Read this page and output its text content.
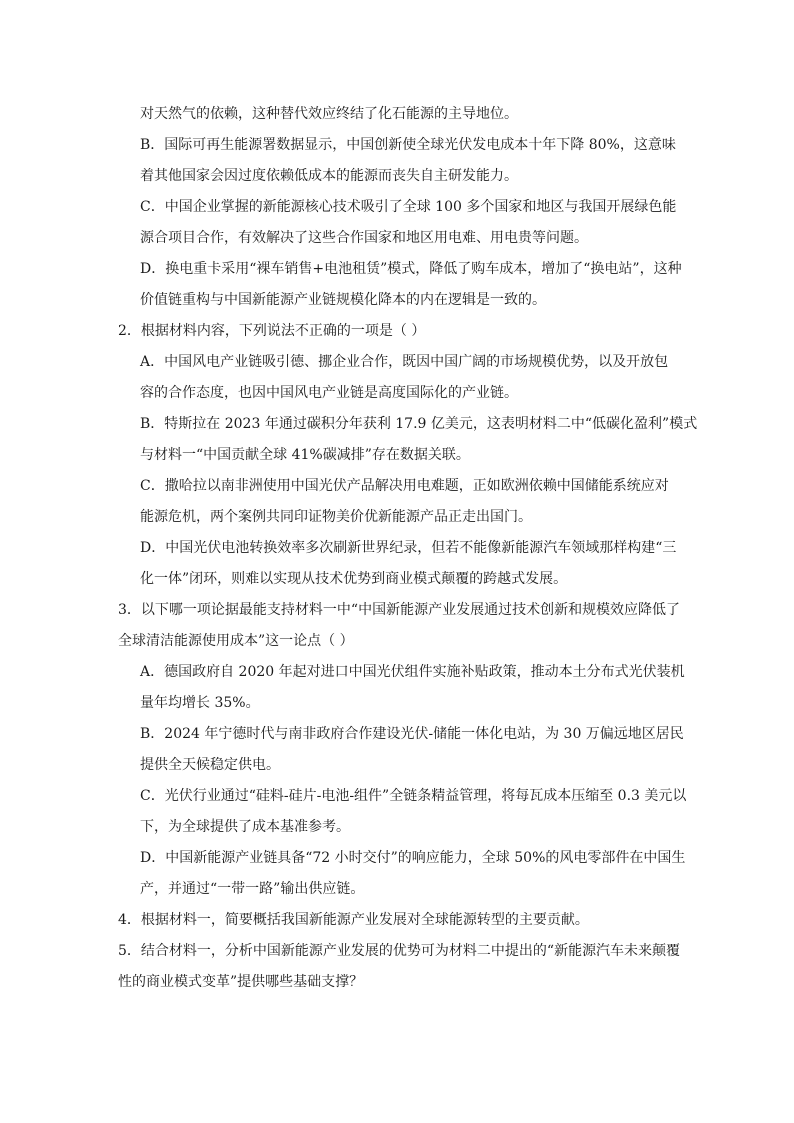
对天然气的依赖，这种替代效应终结了化石能源的主导地位。
B．国际可再生能源署数据显示，中国创新使全球光伏发电成本十年下降 80%，这意味
着其他国家会因过度依赖低成本的能源而丧失自主研发能力。
C．中国企业掌握的新能源核心技术吸引了全球 100 多个国家和地区与我国开展绿色能
源合项目合作，有效解决了这些合作国家和地区用电难、用电贵等问题。
D．换电重卡采用“裸车销售+电池租赁”模式，降低了购车成本，增加了“换电站”，这种
价值链重构与中国新能源产业链规模化降本的内在逻辑是一致的。
2．根据材料内容，下列说法不正确的一项是（ ）
A．中国风电产业链吸引德、挪企业合作，既因中国广阔的市场规模优势，以及开放包
容的合作态度，也因中国风电产业链是高度国际化的产业链。
B．特斯拉在 2023 年通过碳积分年获利 17.9 亿美元，这表明材料二中“低碳化盈利”模式
与材料一“中国贡献全球 41%碳减排”存在数据关联。
C．撒哈拉以南非洲使用中国光伏产品解决用电难题，正如欧洲依赖中国储能系统应对
能源危机，两个案例共同印证物美价优新能源产品正走出国门。
D．中国光伏电池转换效率多次刷新世界纪录，但若不能像新能源汽车领域那样构建“三
化一体”闭环，则难以实现从技术优势到商业模式颠覆的跨越式发展。
3．以下哪一项论据最能支持材料一中“中国新能源产业发展通过技术创新和规模效应降低了
全球清洁能源使用成本”这一论点（ ）
A．德国政府自 2020 年起对进口中国光伏组件实施补贴政策，推动本土分布式光伏装机
量年均增长 35%。
B．2024 年宁德时代与南非政府合作建设光伏-储能一体化电站，为 30 万偏远地区居民
提供全天候稳定供电。
C．光伏行业通过“硅料-硅片-电池-组件”全链条精益管理，将每瓦成本压缩至 0.3 美元以
下，为全球提供了成本基准参考。
D．中国新能源产业链具备“72 小时交付”的响应能力，全球 50%的风电零部件在中国生
产，并通过“一带一路”输出供应链。
4．根据材料一，简要概括我国新能源产业发展对全球能源转型的主要贡献。
5．结合材料一，分析中国新能源产业发展的优势可为材料二中提出的“新能源汽车未来颠覆
性的商业模式变革”提供哪些基础支撑？
